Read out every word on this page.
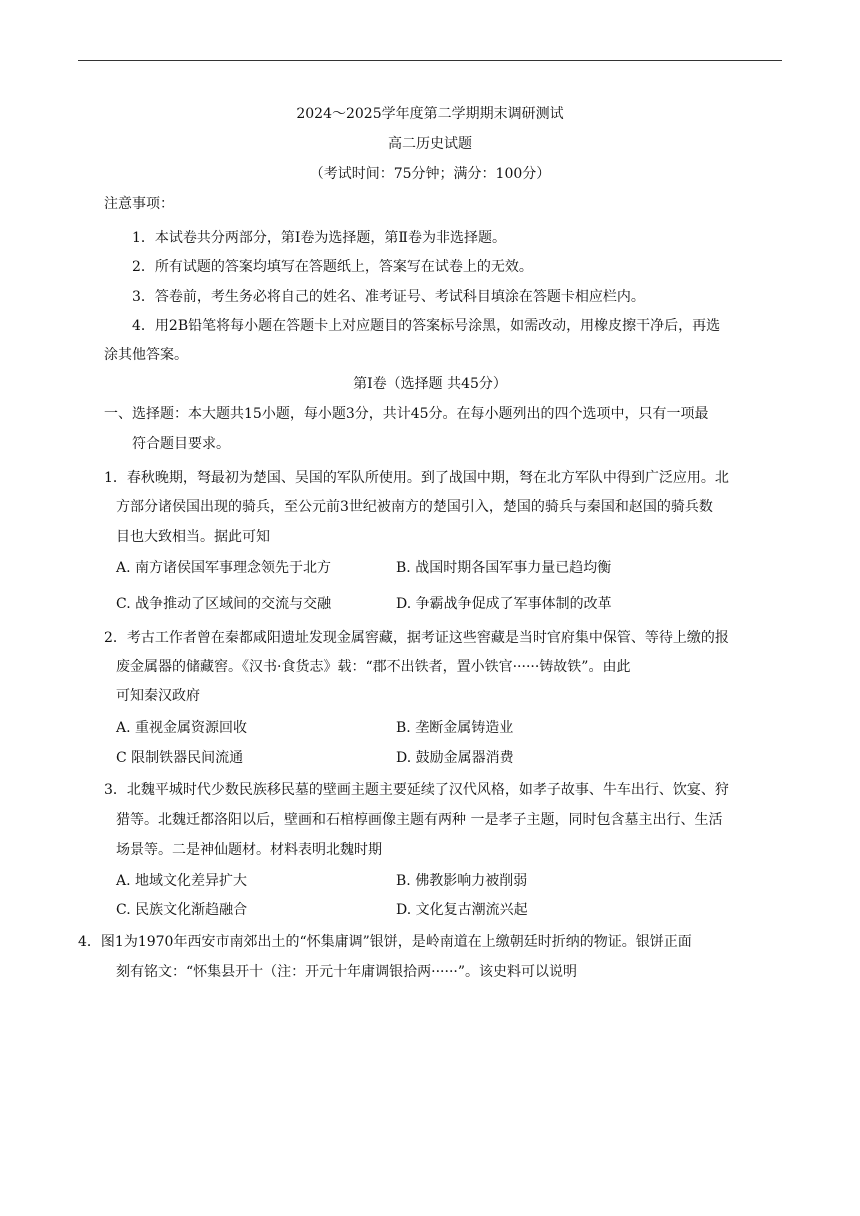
2024～2025学年度第二学期期末调研测试
高二历史试题
（考试时间：75分钟；满分：100分）
注意事项：
1．本试卷共分两部分，第Ⅰ卷为选择题，第Ⅱ卷为非选择题。
2．所有试题的答案均填写在答题纸上，答案写在试卷上的无效。
3．答卷前，考生务必将自己的姓名、准考证号、考试科目填涂在答题卡相应栏内。
4．用2B铅笔将每小题在答题卡上对应题目的答案标号涂黑，如需改动，用橡皮擦干净后，再选
涂其他答案。
第Ⅰ卷（选择题 共45分）
一、选择题：本大题共15小题，每小题3分，共计45分。在每小题列出的四个选项中，只有一项最
符合题目要求。
1．春秋晚期，弩最初为楚国、吴国的军队所使用。到了战国中期，弩在北方军队中得到广泛应用。北
方部分诸侯国出现的骑兵，至公元前3世纪被南方的楚国引入，楚国的骑兵与秦国和赵国的骑兵数
目也大致相当。据此可知
A. 南方诸侯国军事理念领先于北方	B. 战国时期各国军事力量已趋均衡
C. 战争推动了区域间的交流与交融	D. 争霸战争促成了军事体制的改革
2．考古工作者曾在秦都咸阳遗址发现金属窖藏，据考证这些窖藏是当时官府集中保管、等待上缴的报
废金属器的储藏窖。《汉书·食货志》载：“郡不出铁者，置小铁官······铸故铁”。由此
可知秦汉政府
A. 重视金属资源回收	B. 垄断金属铸造业
C 限制铁器民间流通	D. 鼓励金属器消费
3．北魏平城时代少数民族移民墓的壁画主题主要延续了汉代风格，如孝子故事、牛车出行、饮宴、狩
猎等。北魏迁都洛阳以后，壁画和石棺椁画像主题有两种 一是孝子主题，同时包含墓主出行、生活
场景等。二是神仙题材。材料表明北魏时期
A. 地域文化差异扩大	B. 佛教影响力被削弱
C. 民族文化渐趋融合	D. 文化复古潮流兴起
4．图1为1970年西安市南郊出土的“怀集庸调”银饼，是岭南道在上缴朝廷时折纳的物证。银饼正面
刻有铭文：“怀集县开十（注：开元十年庸调银拾两······”。该史料可以说明
